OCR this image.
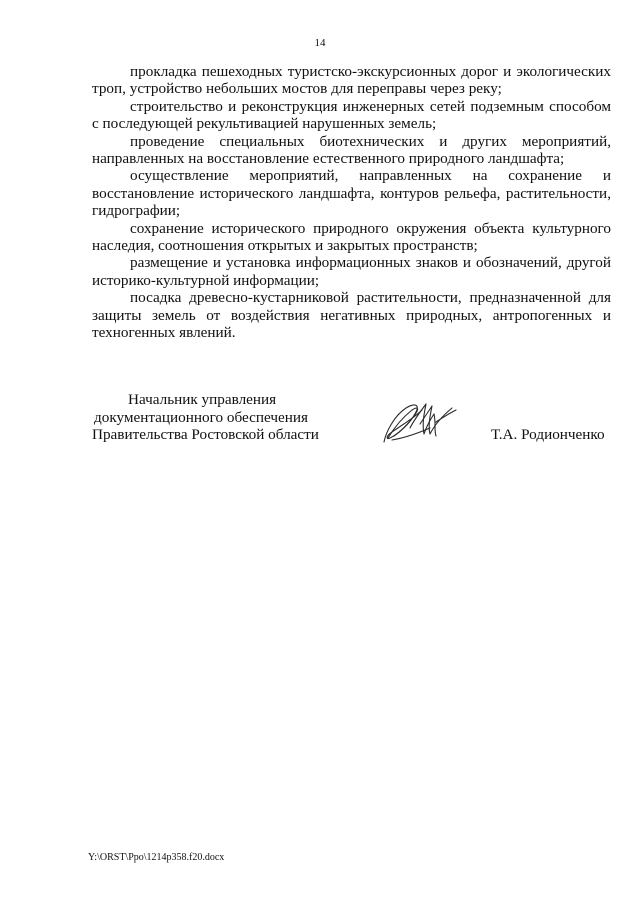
14

прокладка пешеходных туристско-экскурсионных дорог и экологических троп, устройство небольших мостов для переправы через реку;

строительство и реконструкция инженерных сетей подземным способом с последующей рекультивацией нарушенных земель;

проведение специальных биотехнических и других мероприятий, направленных на восстановление естественного природного ландшафта;

осуществление мероприятий, направленных на сохранение и восстановление исторического ландшафта, контуров рельефа, растительности, гидрографии;

сохранение исторического природного окружения объекта культурного наследия, соотношения открытых и закрытых пространств;

размещение и установка информационных знаков и обозначений, другой историко-культурной информации;

посадка древесно-кустарниковой растительности, предназначенной для защиты земель от воздействия негативных природных, антропогенных и техногенных явлений.

Начальник управления
документационного обеспечения
Правительства Ростовской области	Т.А. Родионченко
Y:\ORST\Ppo\1214p358.f20.docx
